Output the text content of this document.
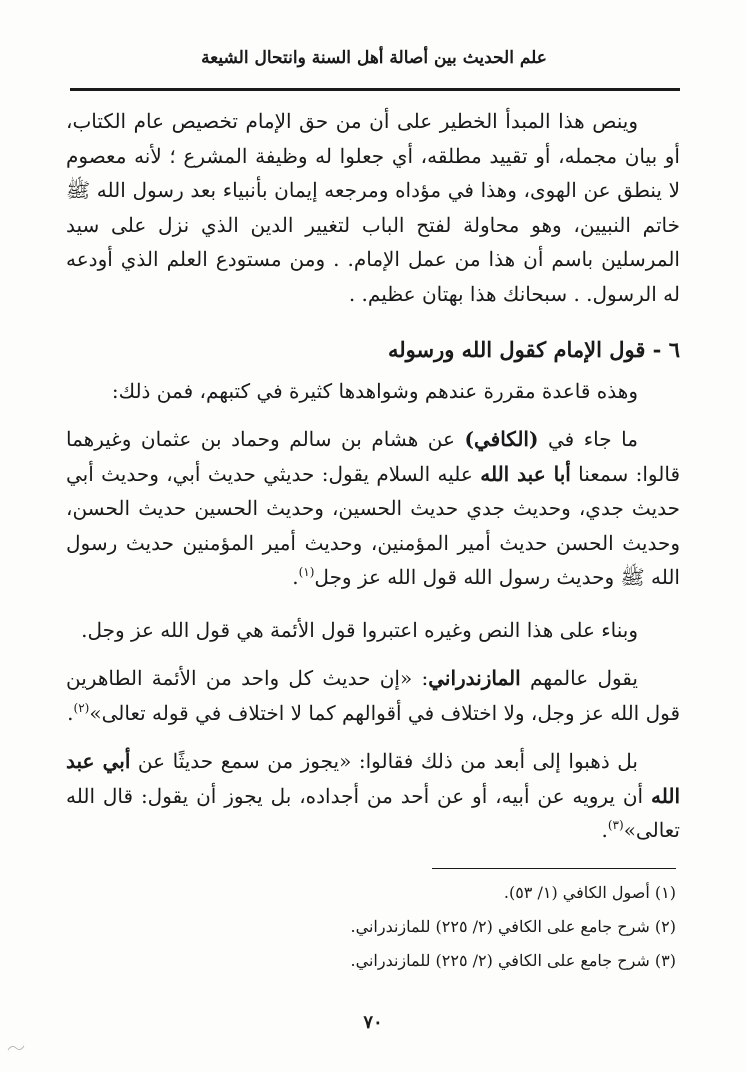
علم الحديث بين أصالة أهل السنة وانتحال الشيعة

وينص هذا المبدأ الخطير على أن من حق الإمام تخصيص عام الكتاب، أو بيان مجمله، أو تقييد مطلقه، أي جعلوا له وظيفة المشرع ؛ لأنه معصوم لا ينطق عن الهوى، وهذا في مؤداه ومرجعه إيمان بأنبياء بعد رسول الله ﷺ خاتم النبيين، وهو محاولة لفتح الباب لتغيير الدين الذي نزل على سيد المرسلين باسم أن هذا من عمل الإمام. . ومن مستودع العلم الذي أودعه له الرسول. . سبحانك هذا بهتان عظيم. .

٦ - قول الإمام كقول الله ورسوله

وهذه قاعدة مقررة عندهم وشواهدها كثيرة في كتبهم، فمن ذلك:

ما جاء في (الكافي) عن هشام بن سالم وحماد بن عثمان وغيرهما قالوا: سمعنا أبا عبد الله عليه السلام يقول: حديثي حديث أبي، وحديث أبي حديث جدي، وحديث جدي حديث الحسين، وحديث الحسين حديث الحسن، وحديث الحسن حديث أمير المؤمنين، وحديث أمير المؤمنين حديث رسول الله ﷺ وحديث رسول الله قول الله عز وجل$^{(١)}$.

وبناء على هذا النص وغيره اعتبروا قول الأئمة هي قول الله عز وجل.

يقول عالمهم المازندراني: «إن حديث كل واحد من الأئمة الطاهرين قول الله عز وجل، ولا اختلاف في أقوالهم كما لا اختلاف في قوله تعالى»$^{(٢)}$.

بل ذهبوا إلى أبعد من ذلك فقالوا: «يجوز من سمع حديثًا عن أبي عبد الله أن يرويه عن أبيه، أو عن أحد من أجداده، بل يجوز أن يقول: قال الله تعالى»$^{(٣)}$.

(١) أصول الكافي (١/ ٥٣).
(٢) شرح جامع على الكافي (٢/ ٢٢٥) للمازندراني.
(٣) شرح جامع على الكافي (٢/ ٢٢٥) للمازندراني.
٧٠
